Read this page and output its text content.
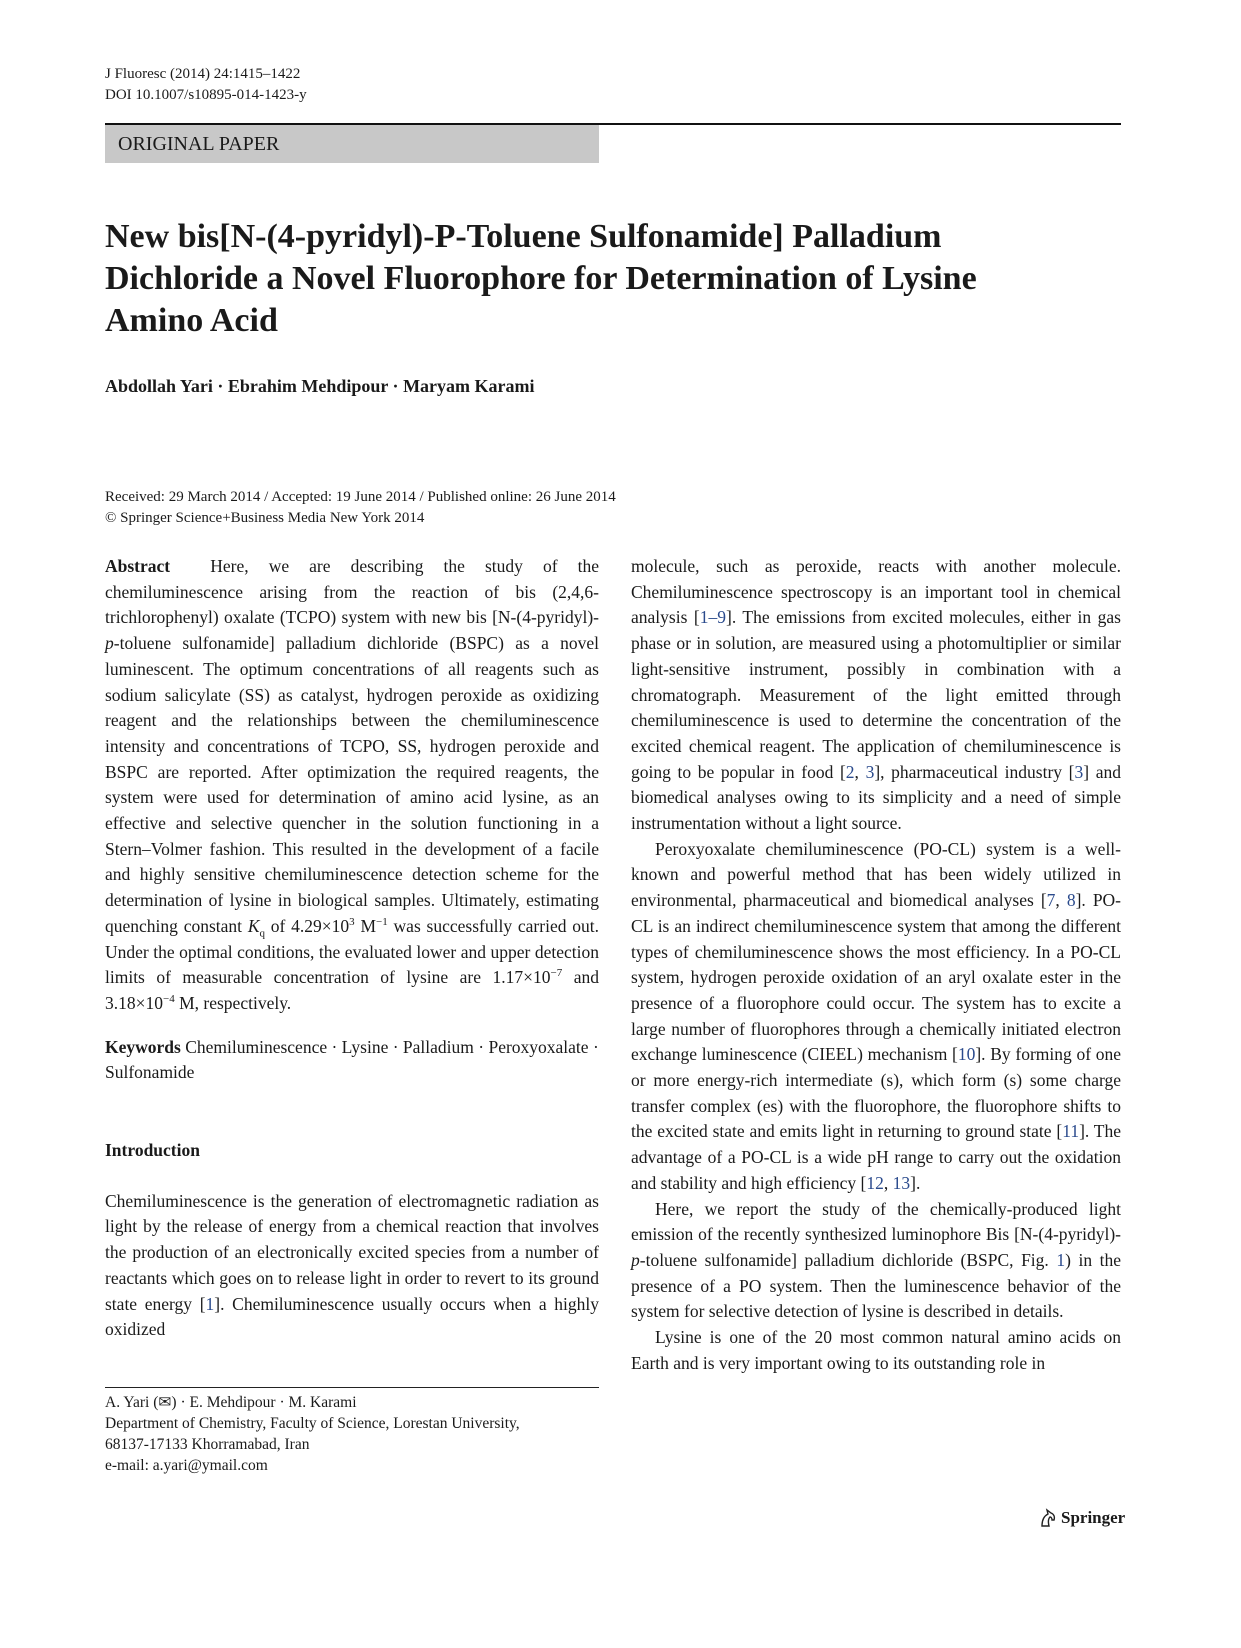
J Fluoresc (2014) 24:1415–1422
DOI 10.1007/s10895-014-1423-y
ORIGINAL PAPER
New bis[N-(4-pyridyl)-P-Toluene Sulfonamide] Palladium Dichloride a Novel Fluorophore for Determination of Lysine Amino Acid
Abdollah Yari · Ebrahim Mehdipour · Maryam Karami
Received: 29 March 2014 / Accepted: 19 June 2014 / Published online: 26 June 2014
© Springer Science+Business Media New York 2014

Abstract Here, we are describing the study of the chemiluminescence arising from the reaction of bis (2,4,6-trichlorophenyl) oxalate (TCPO) system with new bis [N-(4-pyridyl)-p-toluene sulfonamide] palladium dichloride (BSPC) as a novel luminescent. The optimum concentrations of all reagents such as sodium salicylate (SS) as catalyst, hydrogen peroxide as oxidizing reagent and the relationships between the chemiluminescence intensity and concentrations of TCPO, SS, hydrogen peroxide and BSPC are reported. After optimization the required reagents, the system were used for determination of amino acid lysine, as an effective and selective quencher in the solution functioning in a Stern–Volmer fashion. This resulted in the development of a facile and highly sensitive chemiluminescence detection scheme for the determination of lysine in biological samples. Ultimately, estimating quenching constant $K_q$ of $4.29\times 10^3$ $M^{-1}$ was successfully carried out. Under the optimal conditions, the evaluated lower and upper detection limits of measurable concentration of lysine are $1.17\times 10^{-7}$ and $3.18\times 10^{-4}$ M, respectively.

Keywords Chemiluminescence · Lysine · Palladium · Peroxyoxalate · Sulfonamide

Introduction

Chemiluminescence is the generation of electromagnetic radiation as light by the release of energy from a chemical reaction that involves the production of an electronically excited species from a number of reactants which goes on to release light in order to revert to its ground state energy [1]. Chemiluminescence usually occurs when a highly oxidized

A. Yari (✉) · E. Mehdipour · M. Karami
Department of Chemistry, Faculty of Science, Lorestan University,
68137-17133 Khorramabad, Iran
e-mail: a.yari@ymail.com

molecule, such as peroxide, reacts with another molecule. Chemiluminescence spectroscopy is an important tool in chemical analysis [1–9]. The emissions from excited molecules, either in gas phase or in solution, are measured using a photomultiplier or similar light-sensitive instrument, possibly in combination with a chromatograph. Measurement of the light emitted through chemiluminescence is used to determine the concentration of the excited chemical reagent. The application of chemiluminescence is going to be popular in food [2, 3], pharmaceutical industry [3] and biomedical analyses owing to its simplicity and a need of simple instrumentation without a light source.

Peroxyoxalate chemiluminescence (PO-CL) system is a well-known and powerful method that has been widely utilized in environmental, pharmaceutical and biomedical analyses [7, 8]. PO-CL is an indirect chemiluminescence system that among the different types of chemiluminescence shows the most efficiency. In a PO-CL system, hydrogen peroxide oxidation of an aryl oxalate ester in the presence of a fluorophore could occur. The system has to excite a large number of fluorophores through a chemically initiated electron exchange luminescence (CIEEL) mechanism [10]. By forming of one or more energy-rich intermediate (s), which form (s) some charge transfer complex (es) with the fluorophore, the fluorophore shifts to the excited state and emits light in returning to ground state [11]. The advantage of a PO-CL is a wide pH range to carry out the oxidation and stability and high efficiency [12, 13].

Here, we report the study of the chemically-produced light emission of the recently synthesized luminophore Bis [N-(4-pyridyl)-p-toluene sulfonamide] palladium dichloride (BSPC, Fig. 1) in the presence of a PO system. Then the luminescence behavior of the system for selective detection of lysine is described in details.

Lysine is one of the 20 most common natural amino acids on Earth and is very important owing to its outstanding role in

Springer
